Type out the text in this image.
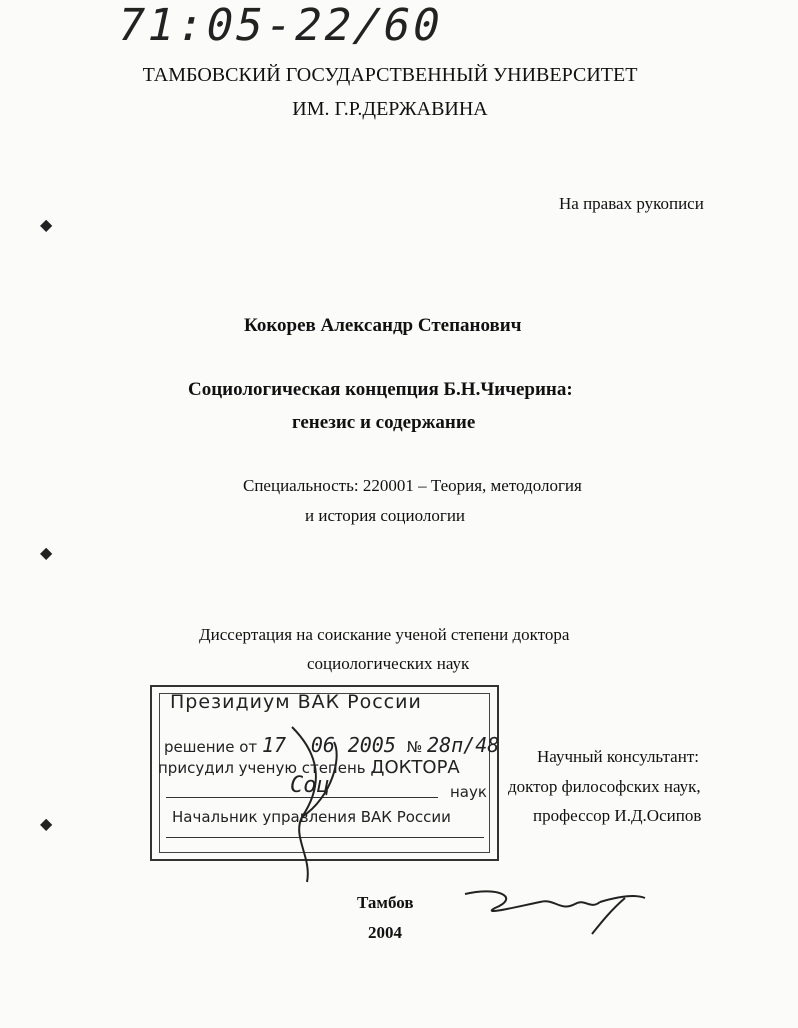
71:05-22/60
ТАМБОВСКИЙ ГОСУДАРСТВЕННЫЙ УНИВЕРСИТЕТ
ИМ. Г.Р.ДЕРЖАВИНА
На правах рукописи
Кокорев Александр Степанович
Социологическая концепция Б.Н.Чичерина:
генезис и содержание
Специальность: 220001 – Теория, методология
и история социологии
Диссертация на соискание ученой степени доктора
социологических наук
Президиум ВАК России
решение от 17 06 2005 № 28п/48
присудил ученую степень ДОКТОРА
Соц	наук
Начальник управления ВАК России
Научный консультант:
доктор философских наук,
профессор И.Д.Осипов
Тамбов
2004
◆
◆
◆
